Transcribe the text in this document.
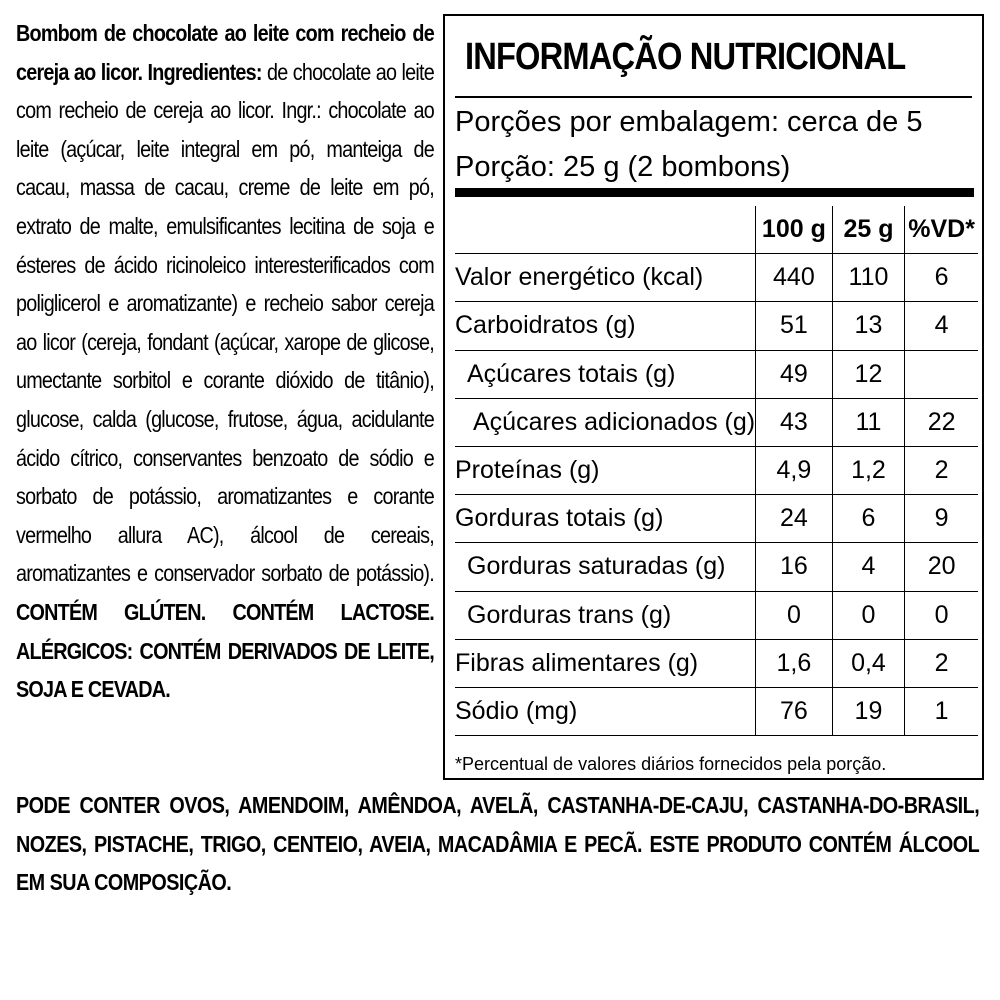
Bombom de chocolate ao leite com recheio de cereja ao licor. Ingredientes: de chocolate ao leite com recheio de cereja ao licor. Ingr.: chocolate ao leite (açúcar, leite integral em pó, manteiga de cacau, massa de cacau, creme de leite em pó, extrato de malte, emulsificantes lecitina de soja e ésteres de ácido ricinoleico interesterificados com poliglicerol e aromatizante) e recheio sabor cereja ao licor (cereja, fondant (açúcar, xarope de glicose, umectante sorbitol e corante dióxido de titânio), glucose, calda (glucose, frutose, água, acidulante ácido cítrico, conservantes benzoato de sódio e sorbato de potássio, aromatizantes e corante vermelho allura AC), álcool de cereais, aromatizantes e conservador sorbato de potássio). CONTÉM GLÚTEN. CONTÉM LACTOSE. ALÉRGICOS: CONTÉM DERIVADOS DE LEITE, SOJA E CEVADA.
PODE CONTER OVOS, AMENDOIM, AMÊNDOA, AVELÃ, CASTANHA-DE-CAJU, CASTANHA-DO-BRASIL, NOZES, PISTACHE, TRIGO, CENTEIO, AVEIA, MACADÂMIA E PECÃ. ESTE PRODUTO CONTÉM ÁLCOOL EM SUA COMPOSIÇÃO.
INFORMAÇÃO NUTRICIONAL
Porções por embalagem: cerca de 5
Porção: 25 g (2 bombons)
	100 g	25 g	%VD*
Valor energético (kcal)	440	110	6
Carboidratos (g)	51	13	4
Açúcares totais (g)	49	12	
Açúcares adicionados (g)	43	11	22
Proteínas (g)	4,9	1,2	2
Gorduras totais (g)	24	6	9
Gorduras saturadas (g)	16	4	20
Gorduras trans (g)	0	0	0
Fibras alimentares (g)	1,6	0,4	2
Sódio (mg)	76	19	1
*Percentual de valores diários fornecidos pela porção.
